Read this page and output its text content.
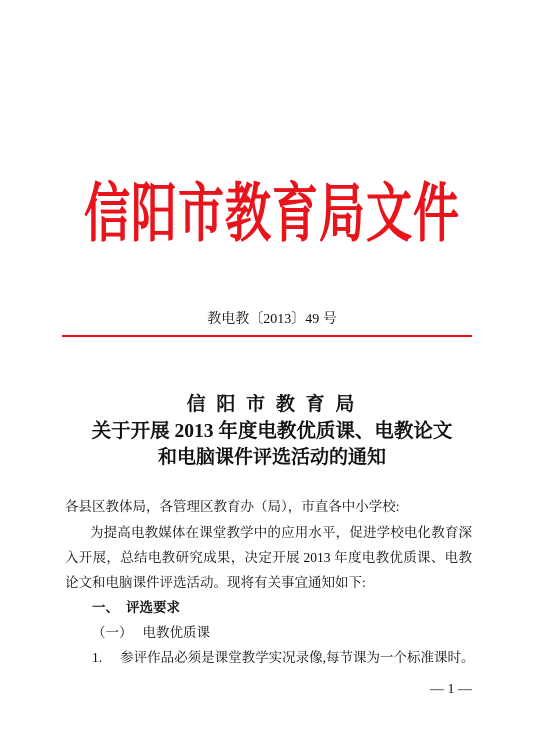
信阳市教育局文件
教电教〔2013〕49 号
信 阳 市 教 育 局
关于开展 2013 年度电教优质课、电教论文
和电脑课件评选活动的通知
各县区教体局，各管理区教育办（局），市直各中小学校:
为提高电教媒体在课堂教学中的应用水平，促进学校电化教育深
入开展，总结电教研究成果，决定开展 2013 年度电教优质课、电教
论文和电脑课件评选活动。现将有关事宜通知如下:
一、 评选要求
（一） 电教优质课
1. 参评作品必须是课堂教学实况录像,每节课为一个标准课时。
— 1 —
